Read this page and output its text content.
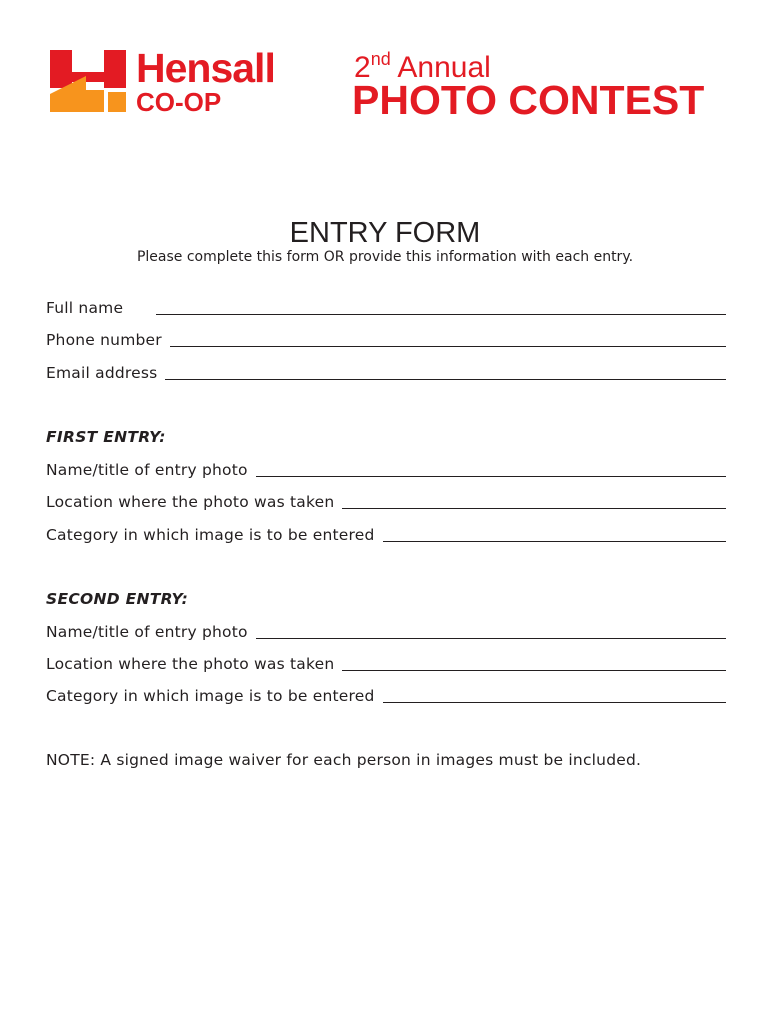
Hensall
CO-OP
2nd Annual
PHOTO CONTEST
ENTRY FORM
Please complete this form OR provide this information with each entry.
Full name
Phone number
Email address
FIRST ENTRY:
Name/title of entry photo
Location where the photo was taken
Category in which image is to be entered
SECOND ENTRY:
Name/title of entry photo
Location where the photo was taken
Category in which image is to be entered
NOTE: A signed image waiver for each person in images must be included.
